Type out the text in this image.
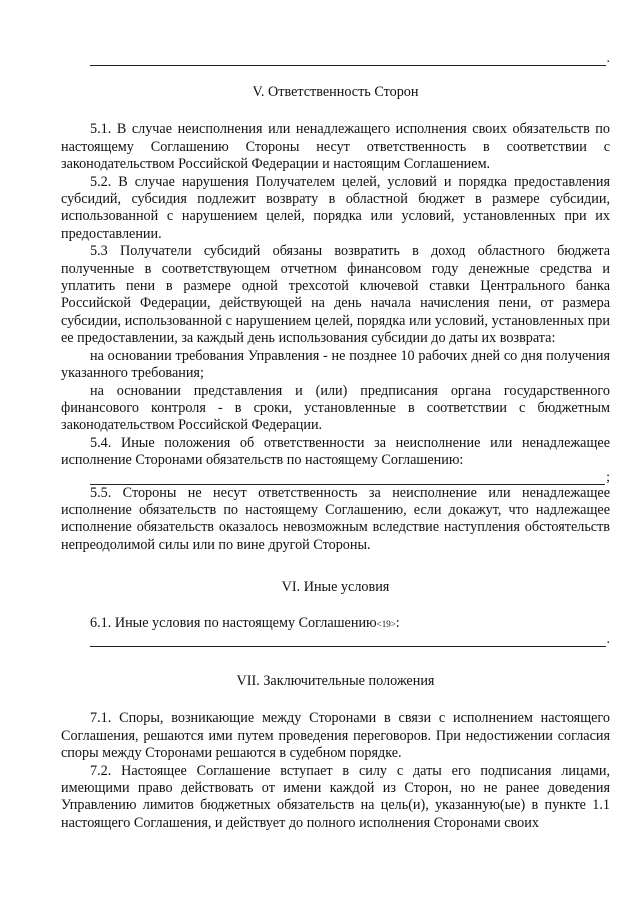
.
V. Ответственность Сторон

5.1. В случае неисполнения или ненадлежащего исполнения своих обязательств по настоящему Соглашению Стороны несут ответственность в соответствии с законодательством Российской Федерации и настоящим Соглашением.

5.2. В случае нарушения Получателем целей, условий и порядка предоставления субсидий, субсидия подлежит возврату в областной бюджет в размере субсидии, использованной с нарушением целей, порядка или условий, установленных при их предоставлении.

5.3 Получатели субсидий обязаны возвратить в доход областного бюджета полученные в соответствующем отчетном финансовом году денежные средства и уплатить пени в размере одной трехсотой ключевой ставки Центрального банка Российской Федерации, действующей на день начала начисления пени, от размера субсидии, использованной с нарушением целей, порядка или условий, установленных при ее предоставлении, за каждый день использования субсидии до даты их возврата:

на основании требования Управления - не позднее 10 рабочих дней со дня получения указанного требования;

на основании представления и (или) предписания органа государственного финансового контроля - в сроки, установленные в соответствии с бюджетным законодательством Российской Федерации.

5.4. Иные положения об ответственности за неисполнение или ненадлежащее исполнение Сторонами обязательств по настоящему Соглашению:

;

5.5. Стороны не несут ответственность за неисполнение или ненадлежащее исполнение обязательств по настоящему Соглашению, если докажут, что надлежащее исполнение обязательств оказалось невозможным вследствие наступления обстоятельств непреодолимой силы или по вине другой Стороны.

VI. Иные условия
6.1. Иные условия по настоящему Соглашению <19> :
.
VII. Заключительные положения

7.1. Споры, возникающие между Сторонами в связи с исполнением настоящего Соглашения, решаются ими путем проведения переговоров. При недостижении согласия споры между Сторонами решаются в судебном порядке.

7.2. Настоящее Соглашение вступает в силу с даты его подписания лицами, имеющими право действовать от имени каждой из Сторон, но не ранее доведения Управлению лимитов бюджетных обязательств на цель(и), указанную(ые) в пункте 1.1 настоящего Соглашения, и действует до полного исполнения Сторонами своих
